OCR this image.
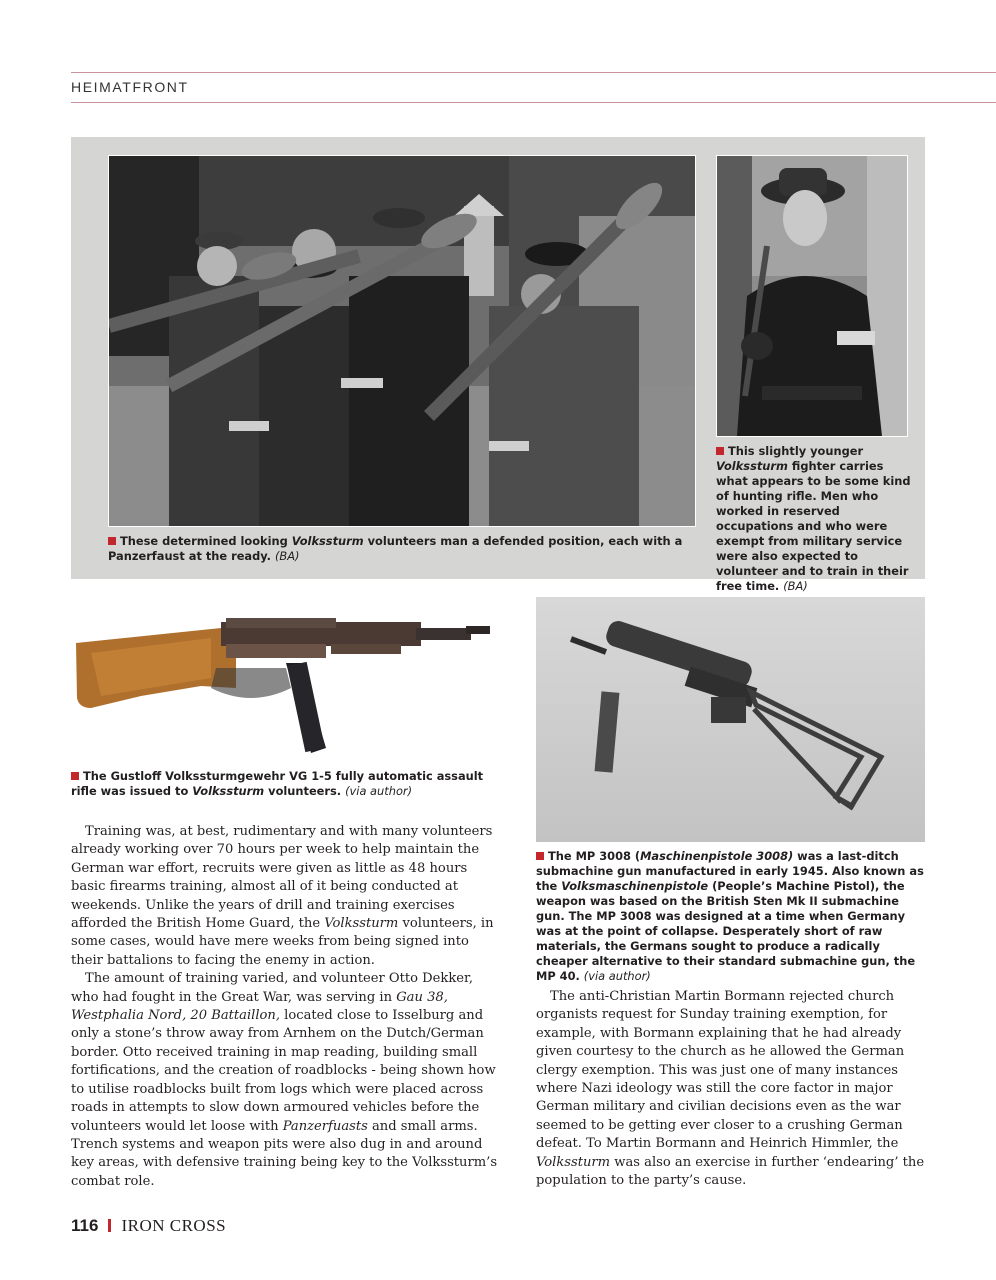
HEIMATFRONT
These determined looking Volkssturm volunteers man a defended position, each with a Panzerfaust at the ready. (BA)
This slightly younger Volkssturm fighter carries what appears to be some kind of hunting rifle. Men who worked in reserved occupations and who were exempt from military service were also expected to volunteer and to train in their free time. (BA)
The Gustloff Volkssturmgewehr VG 1-5 fully automatic assault rifle was issued to Volkssturm volunteers. (via author)
The MP 3008 (Maschinenpistole 3008) was a last-ditch submachine gun manufactured in early 1945. Also known as the Volksmaschinenpistole (People’s Machine Pistol), the weapon was based on the British Sten Mk II submachine gun. The MP 3008 was designed at a time when Germany was at the point of collapse. Desperately short of raw materials, the Germans sought to produce a radically cheaper alternative to their standard submachine gun, the MP 40. (via author)

Training was, at best, rudimentary and with many volunteers already working over 70 hours per week to help maintain the German war effort, recruits were given as little as 48 hours basic firearms training, almost all of it being conducted at weekends. Unlike the years of drill and training exercises afforded the British Home Guard, the Volkssturm volunteers, in some cases, would have mere weeks from being signed into their battalions to facing the enemy in action.

The amount of training varied, and volunteer Otto Dekker, who had fought in the Great War, was serving in Gau 38, Westphalia Nord, 20 Battaillon, located close to Isselburg and only a stone’s throw away from Arnhem on the Dutch/German border. Otto received training in map reading, building small fortifications, and the creation of roadblocks - being shown how to utilise roadblocks built from logs which were placed across roads in attempts to slow down armoured vehicles before the volunteers would let loose with Panzerfuasts and small arms. Trench systems and weapon pits were also dug in and around key areas, with defensive training being key to the Volkssturm’s combat role.

The anti-Christian Martin Bormann rejected church organists request for Sunday training exemption, for example, with Bormann explaining that he had already given courtesy to the church as he allowed the German clergy exemption. This was just one of many instances where Nazi ideology was still the core factor in major German military and civilian decisions even as the war seemed to be getting ever closer to a crushing German defeat. To Martin Bormann and Heinrich Himmler, the Volkssturm was also an exercise in further ‘endearing’ the population to the party’s cause.

116 IRON CROSS
